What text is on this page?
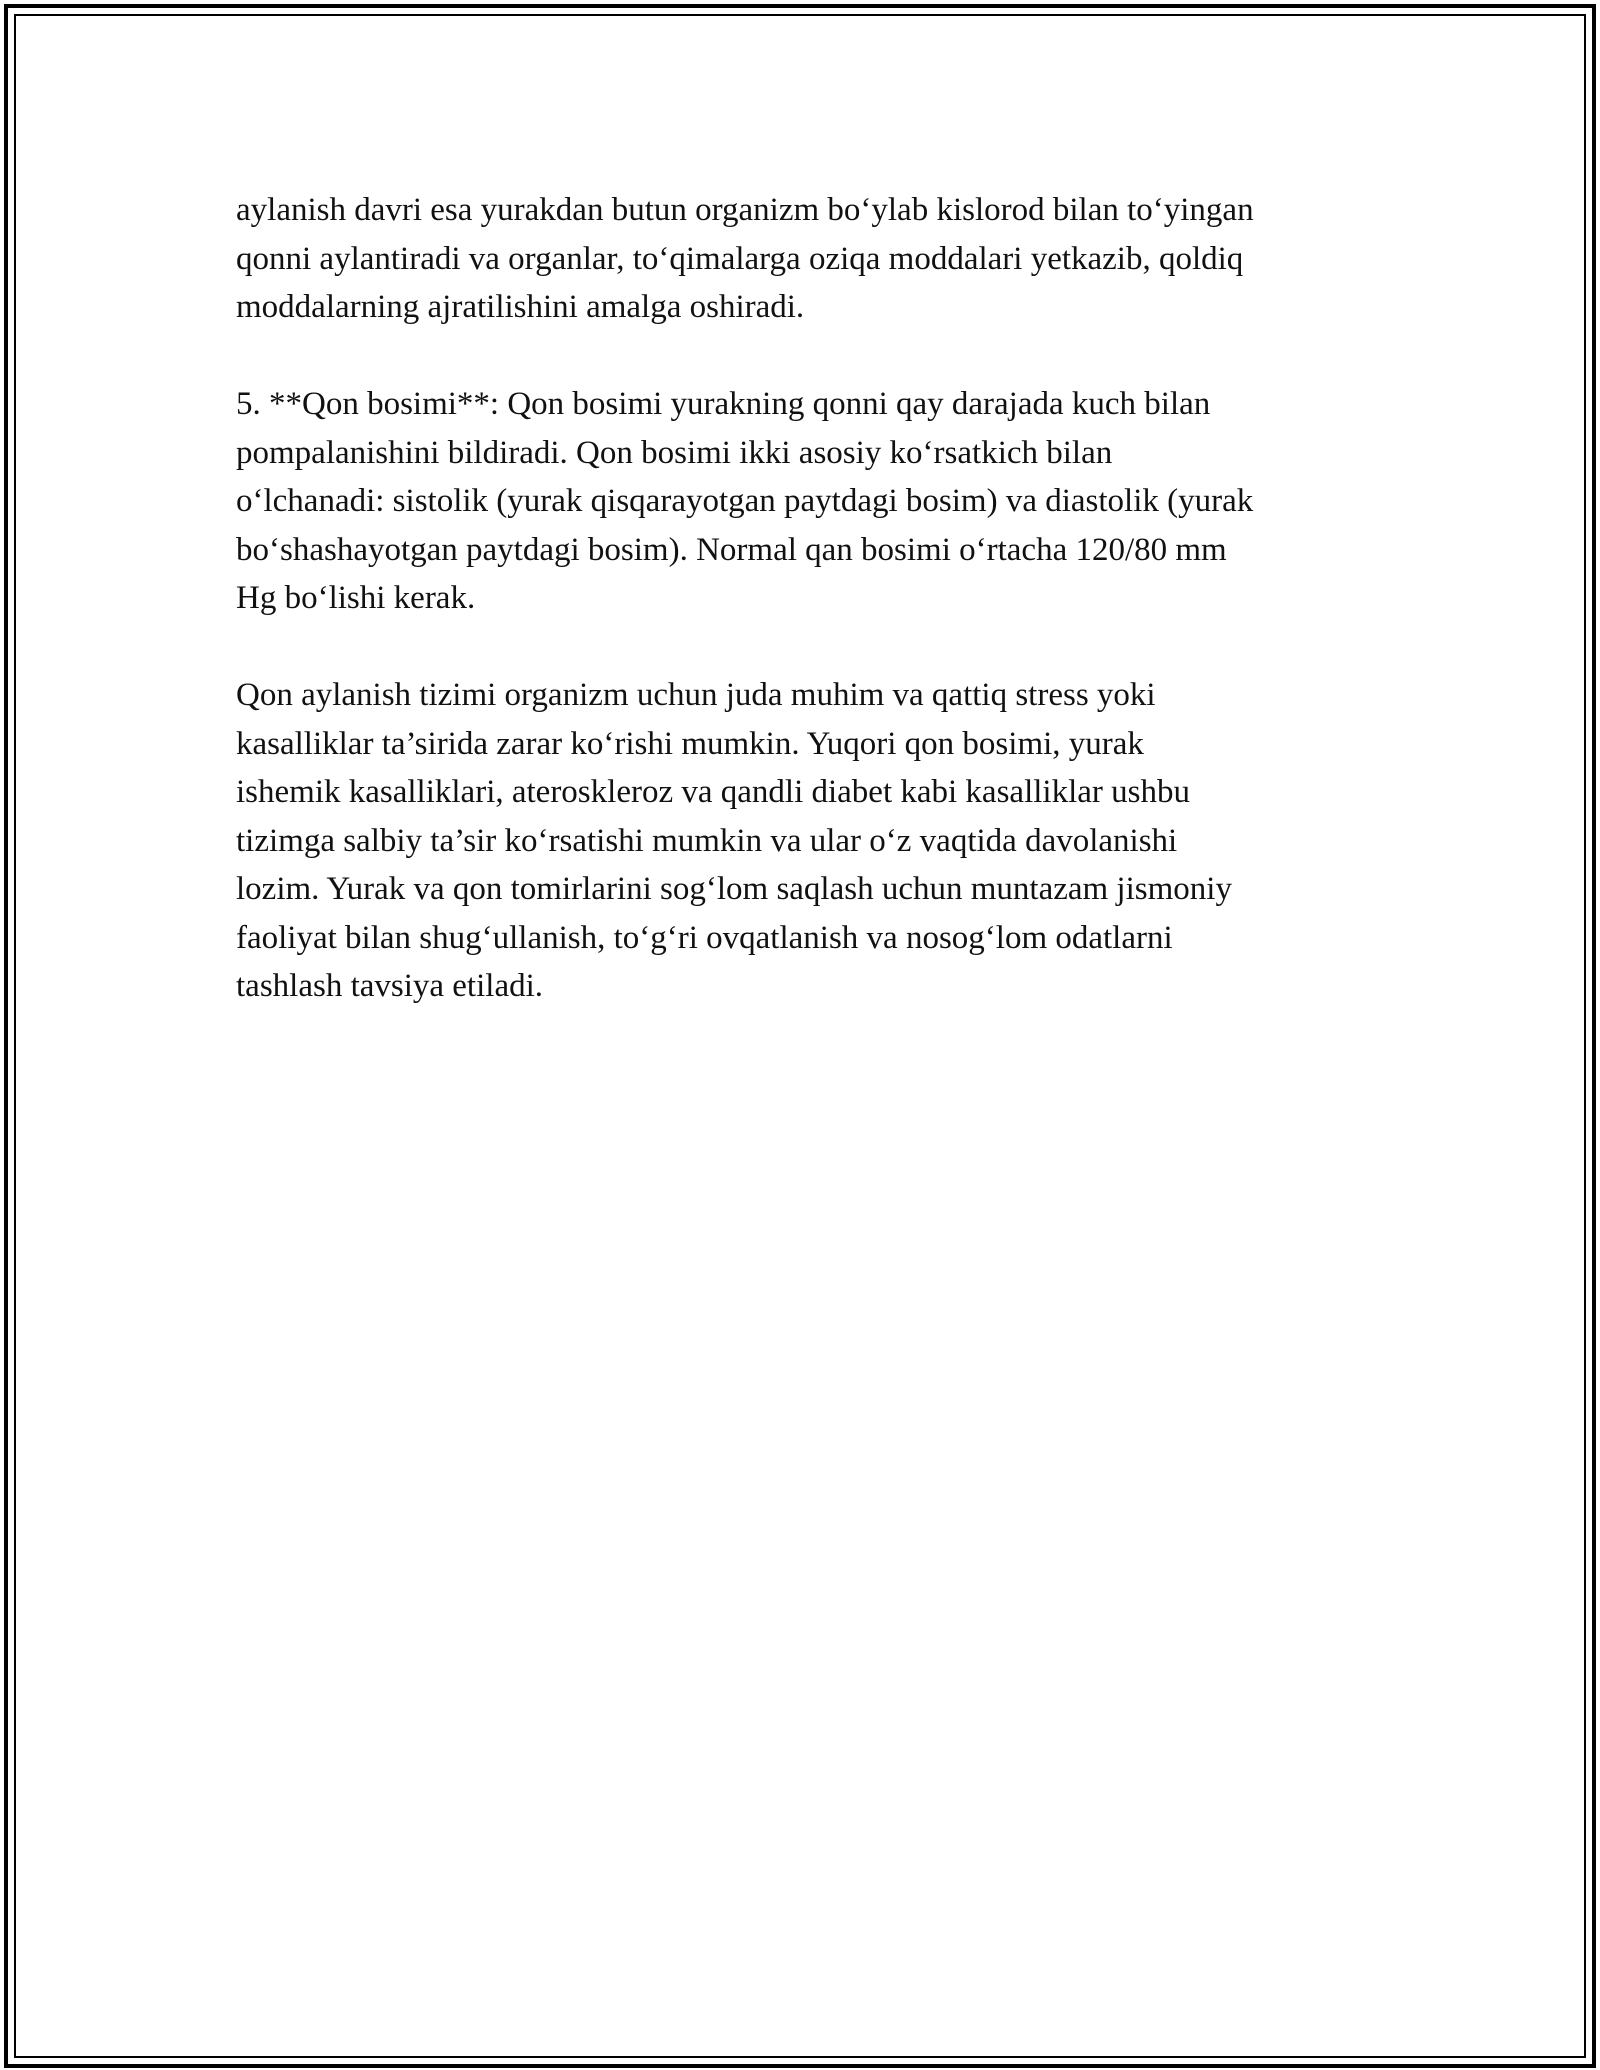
aylanish davri esa yurakdan butun organizm bo‘ylab kislorod bilan to‘yingan
qonni aylantiradi va organlar, to‘qimalarga oziqa moddalari yetkazib, qoldiq
moddalarning ajratilishini amalga oshiradi.

5. **Qon bosimi**: Qon bosimi yurakning qonni qay darajada kuch bilan
pompalanishini bildiradi. Qon bosimi ikki asosiy ko‘rsatkich bilan
o‘lchanadi: sistolik (yurak qisqarayotgan paytdagi bosim) va diastolik (yurak
bo‘shashayotgan paytdagi bosim). Normal qan bosimi o‘rtacha 120/80 mm
Hg bo‘lishi kerak.

Qon aylanish tizimi organizm uchun juda muhim va qattiq stress yoki
kasalliklar ta’sirida zarar ko‘rishi mumkin. Yuqori qon bosimi, yurak
ishemik kasalliklari, ateroskleroz va qandli diabet kabi kasalliklar ushbu
tizimga salbiy ta’sir ko‘rsatishi mumkin va ular o‘z vaqtida davolanishi
lozim. Yurak va qon tomirlarini sog‘lom saqlash uchun muntazam jismoniy
faoliyat bilan shug‘ullanish, to‘g‘ri ovqatlanish va nosog‘lom odatlarni
tashlash tavsiya etiladi.
